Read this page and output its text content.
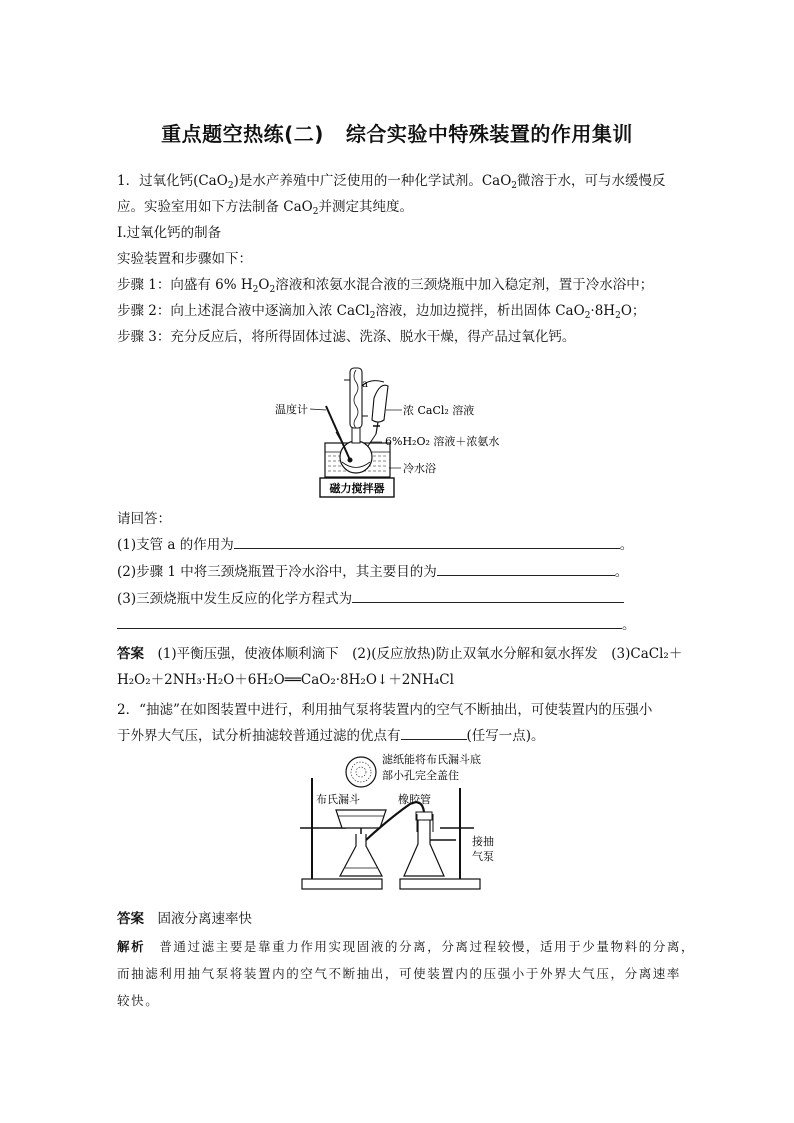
重点题空热练(二) 综合实验中特殊装置的作用集训
1．过氧化钙(CaO$_2$)是水产养殖中广泛使用的一种化学试剂。CaO$_2$微溶于水，可与水缓慢反
应。实验室用如下方法制备 CaO$_2$并测定其纯度。
Ⅰ.过氧化钙的制备
实验装置和步骤如下：
步骤 1：向盛有 6% $H_2O_2$溶液和浓氨水混合液的三颈烧瓶中加入稳定剂，置于冷水浴中；
步骤 2：向上述混合液中逐滴加入浓 CaCl$_2$溶液，边加边搅拌，析出固体 $CaO_2\cdot 8H_2O$；
步骤 3：充分反应后，将所得固体过滤、洗涤、脱水干燥，得产品过氧化钙。
a
温度计	浓 CaCl₂ 溶液
6%H₂O₂ 溶液＋浓氨水
冷水浴
磁力搅拌器
请回答：
(1)支管 a 的作用为	。
(2)步骤 1 中将三颈烧瓶置于冷水浴中，其主要目的为	。
(3)三颈烧瓶中发生反应的化学方程式为
。
答案　 (1)平衡压强，使液体顺利滴下　(2)(反应放热)防止双氧水分解和氨水挥发　(3)CaCl₂＋
H₂O₂＋2NH₃·H₂O＋6H₂O══CaO₂·8H₂O↓＋2NH₄Cl
2．“抽滤”在如图装置中进行，利用抽气泵将装置内的空气不断抽出，可使装置内的压强小
于外界大气压，试分析抽滤较普通过滤的优点有	(任写一点)。
滤纸能将布氏漏斗底
部小孔完全盖住
布氏漏斗	橡胶管
接抽
气泵
答案　 固液分离速率快
解析　 普通过滤主要是靠重力作用实现固液的分离，分离过程较慢，适用于少量物料的分离，
而抽滤利用抽气泵将装置内的空气不断抽出，可使装置内的压强小于外界大气压，分离速率
较快。
